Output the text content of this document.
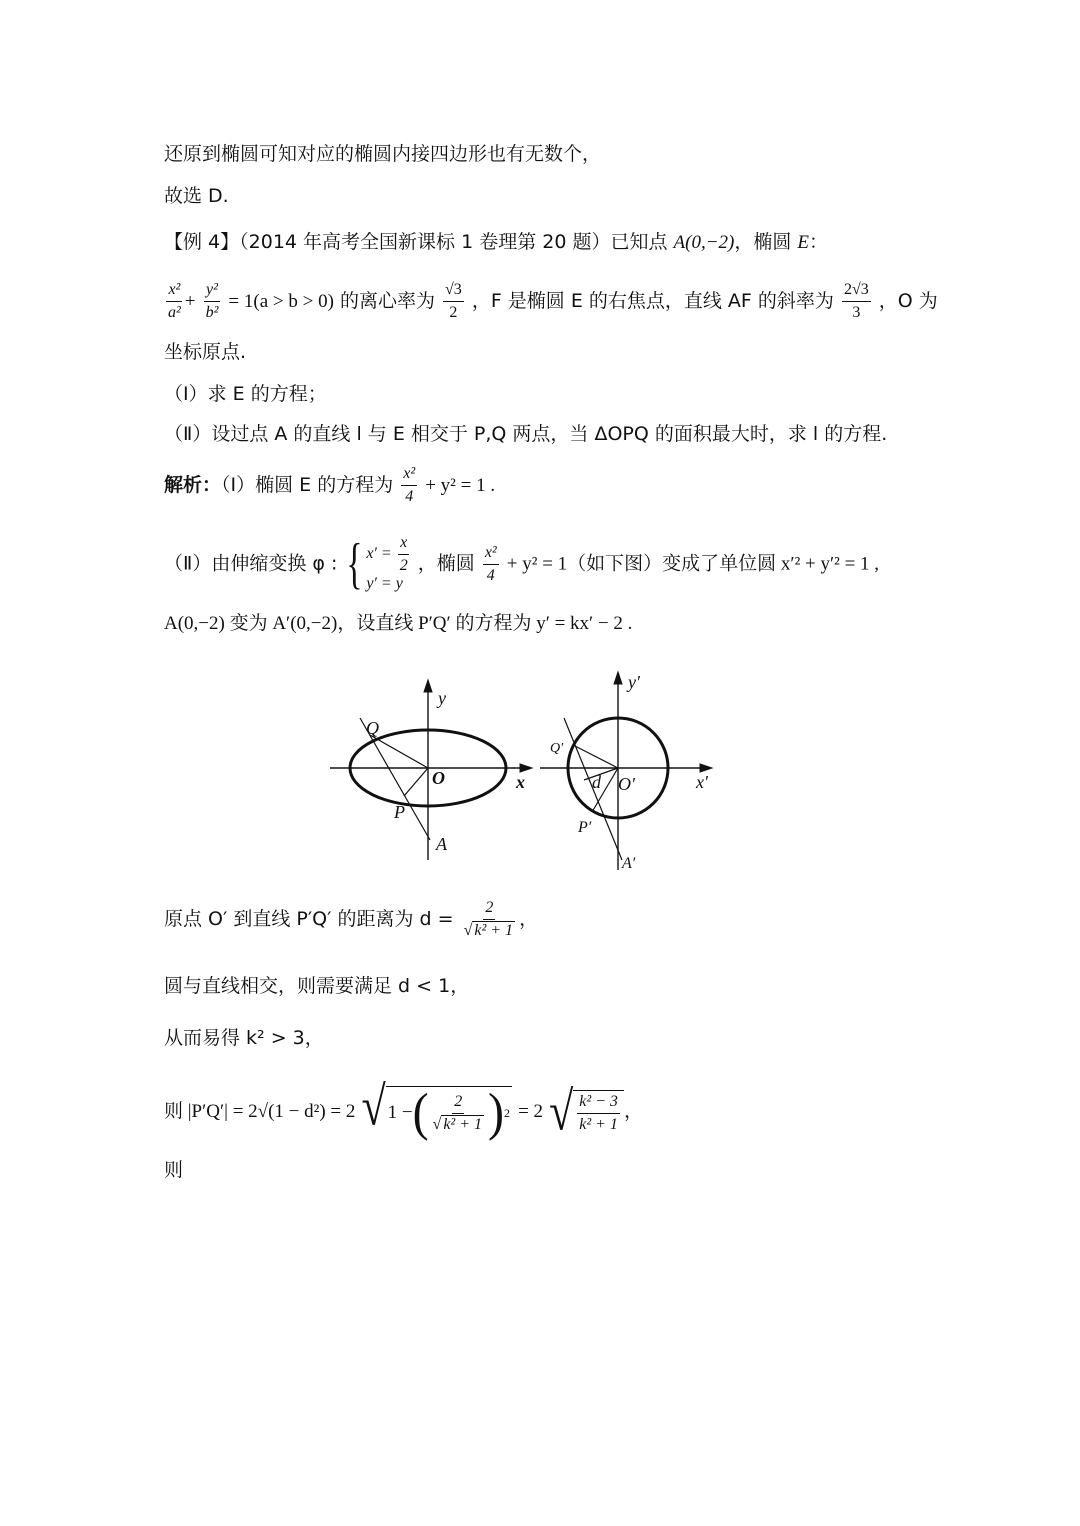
还原到椭圆可知对应的椭圆内接四边形也有无数个，
故选 D.
【例 4】（2014 年高考全国新课标 1 卷理第 20 题）已知点 A(0,−2)，椭圆 E：
$\frac{\text{x²}}{\text{a²}} + \frac{\text{y²}}{\text{b²}} = 1(a > b > 0)$ 的离心率为 $\frac{√3}{2}$ ，F 是椭圆 E 的右焦点，直线 AF 的斜率为 $\frac{2√3}{3}$ ，O 为
坐标原点.
（Ⅰ）求 E 的方程；
（Ⅱ）设过点 A 的直线 l 与 E 相交于 P,Q 两点，当 ΔOPQ 的面积最大时，求 l 的方程.
解析：（Ⅰ）椭圆 E 的方程为 $\frac{\text{x²}}{4} + y^2 = 1$ .
（Ⅱ）由伸缩变换 φ : { $x' = \frac{x}{2}$
y′ = y
，椭圆 $\frac{\text{x²}}{4} + y^2 = 1$（如下图）变成了单位圆 x′² + y′² = 1 ,
A(0,−2) 变为 A′(0,−2)，设直线 P′Q′ 的方程为 y′ = kx′ − 2 .
y
x
O
Q
P
A
y′
x′
O′
Q′
P′
A′
d
原点 O′ 到直线 P′Q′ 的距离为 $d = \frac{2}{\text{√ k² + 1}}$ ，
圆与直线相交，则需要满足 d < 1，
从而易得 k² > 3，
则 |P′Q′| = 2√(1 − d²) = 2 √ 1 − ( $\frac{2}{\text{√ k² + 1}}$ ) 2 = 2 √ $\frac{\text{k² − 3}}{\text{k² + 1}}$ ，
则
